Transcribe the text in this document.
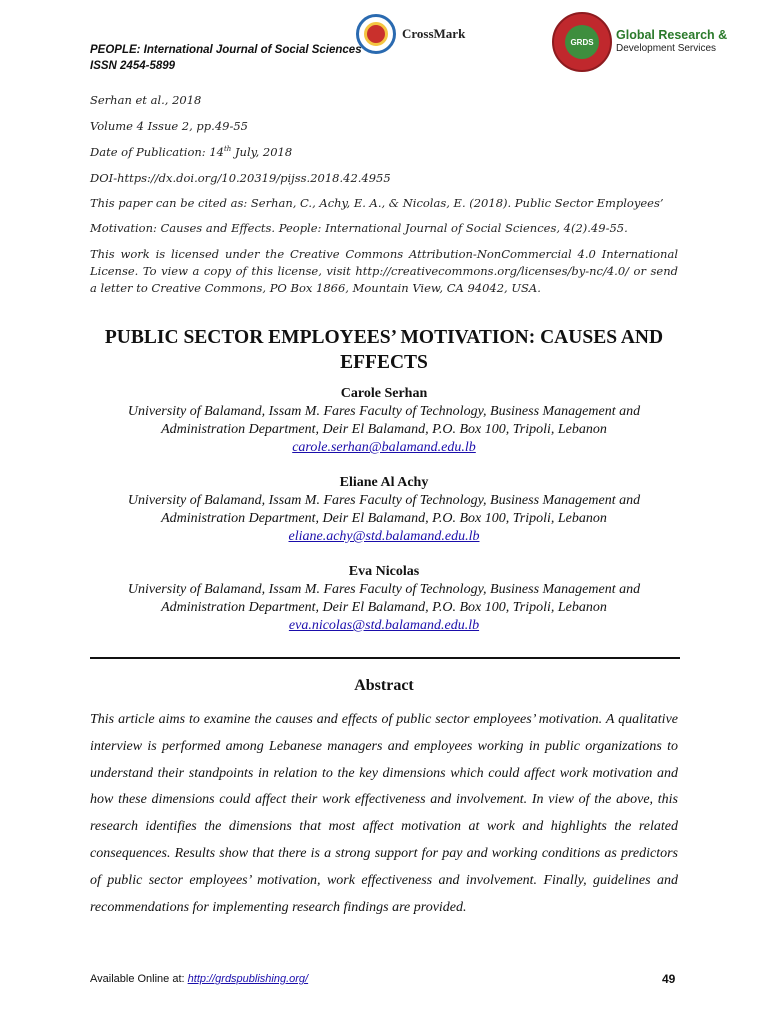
PEOPLE: International Journal of Social Sciences
ISSN 2454-5899
CrossMark
GRDS	Global Research &
Development Services
Serhan et al., 2018
Volume 4 Issue 2, pp.49-55
Date of Publication: 14th July, 2018
DOI-https://dx.doi.org/10.20319/pijss.2018.42.4955
This paper can be cited as: Serhan, C., Achy, E. A., & Nicolas, E. (2018). Public Sector Employees’
Motivation: Causes and Effects. People: International Journal of Social Sciences, 4(2).49-55.
This work is licensed under the Creative Commons Attribution-NonCommercial 4.0 International License. To view a copy of this license, visit http://creativecommons.org/licenses/by-nc/4.0/ or send a letter to Creative Commons, PO Box 1866, Mountain View, CA 94042, USA.
PUBLIC SECTOR EMPLOYEES’ MOTIVATION: CAUSES AND EFFECTS
Carole Serhan
University of Balamand, Issam M. Fares Faculty of Technology, Business Management and
Administration Department, Deir El Balamand, P.O. Box 100, Tripoli, Lebanon
carole.serhan@balamand.edu.lb
Eliane Al Achy
University of Balamand, Issam M. Fares Faculty of Technology, Business Management and
Administration Department, Deir El Balamand, P.O. Box 100, Tripoli, Lebanon
eliane.achy@std.balamand.edu.lb
Eva Nicolas
University of Balamand, Issam M. Fares Faculty of Technology, Business Management and
Administration Department, Deir El Balamand, P.O. Box 100, Tripoli, Lebanon
eva.nicolas@std.balamand.edu.lb
Abstract
This article aims to examine the causes and effects of public sector employees’ motivation. A qualitative interview is performed among Lebanese managers and employees working in public organizations to understand their standpoints in relation to the key dimensions which could affect work motivation and how these dimensions could affect their work effectiveness and involvement. In view of the above, this research identifies the dimensions that most affect motivation at work and highlights the related consequences. Results show that there is a strong support for pay and working conditions as predictors of public sector employees’ motivation, work effectiveness and involvement. Finally, guidelines and recommendations for implementing research findings are provided.
Available Online at: http://grdspublishing.org/	49
